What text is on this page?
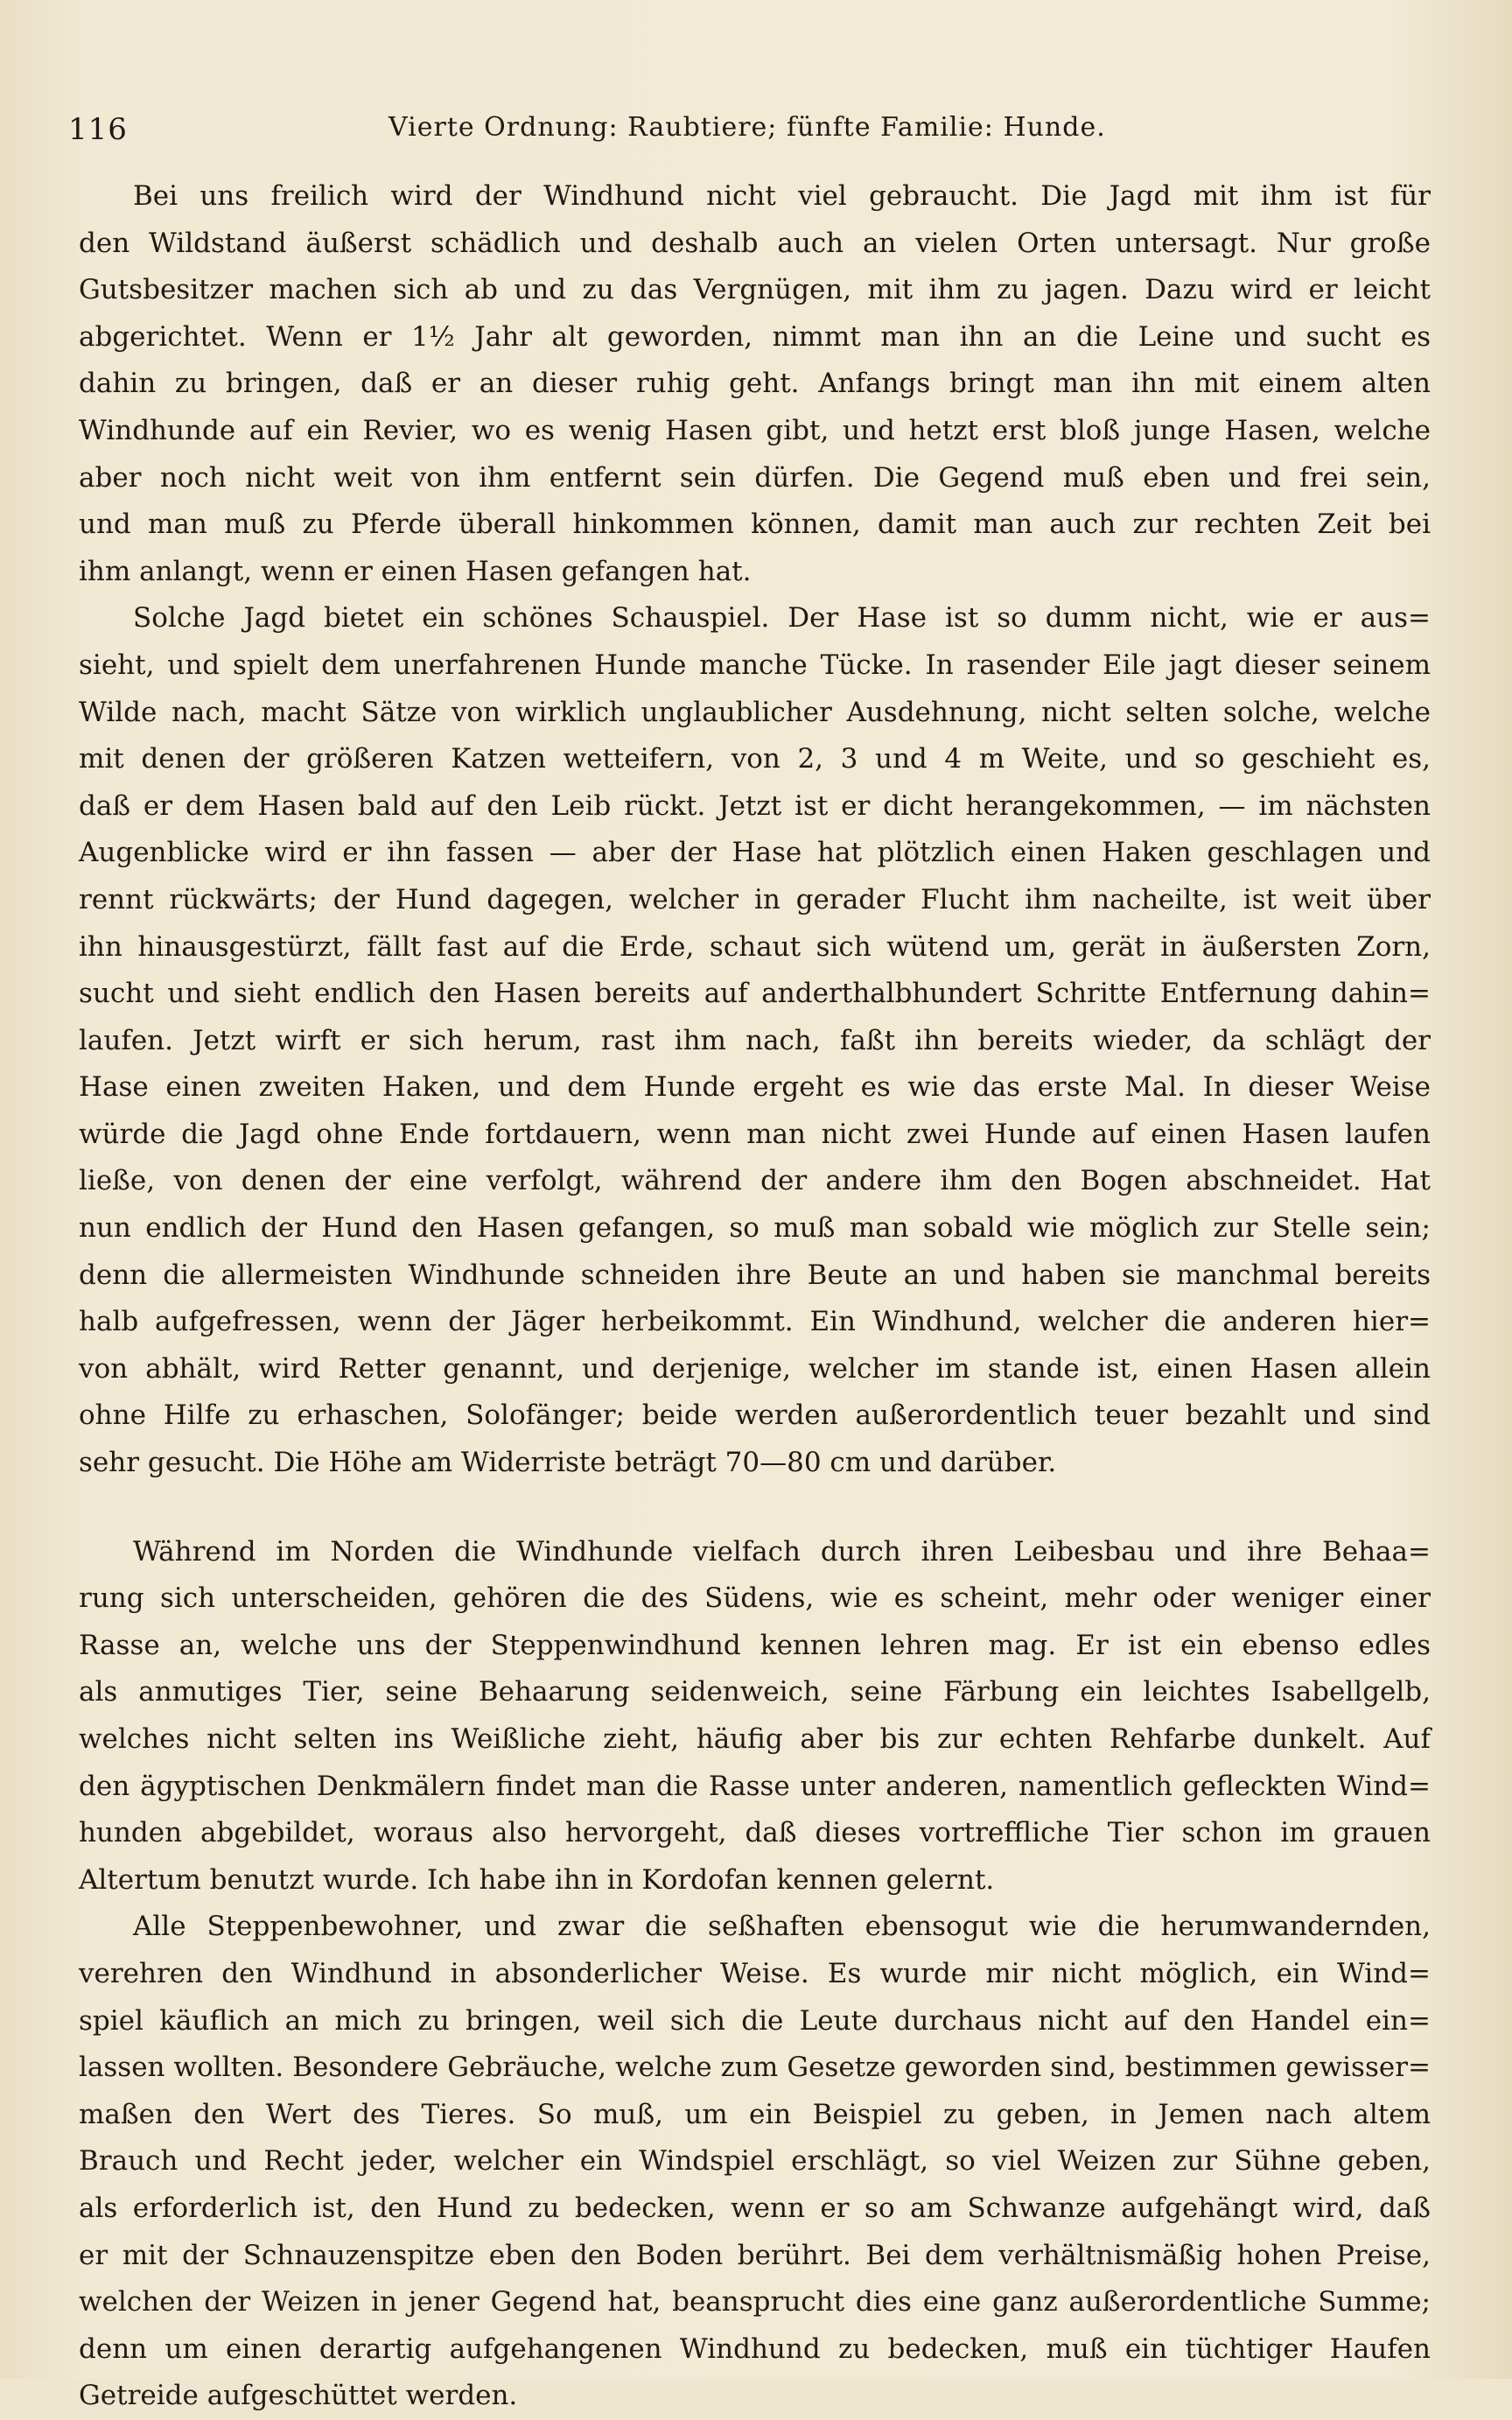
116	Vierte Ordnung: Raubtiere; fünfte Familie: Hunde.

Bei uns freilich wird der Windhund nicht viel gebraucht. Die Jagd mit ihm ist für
den Wildstand äußerst schädlich und deshalb auch an vielen Orten untersagt. Nur große
Gutsbesitzer machen sich ab und zu das Vergnügen, mit ihm zu jagen. Dazu wird er leicht
abgerichtet. Wenn er 1½ Jahr alt geworden, nimmt man ihn an die Leine und sucht es
dahin zu bringen, daß er an dieser ruhig geht. Anfangs bringt man ihn mit einem alten
Windhunde auf ein Revier, wo es wenig Hasen gibt, und hetzt erst bloß junge Hasen, welche
aber noch nicht weit von ihm entfernt sein dürfen. Die Gegend muß eben und frei sein,
und man muß zu Pferde überall hinkommen können, damit man auch zur rechten Zeit bei
ihm anlangt, wenn er einen Hasen gefangen hat.

Solche Jagd bietet ein schönes Schauspiel. Der Hase ist so dumm nicht, wie er aus=
sieht, und spielt dem unerfahrenen Hunde manche Tücke. In rasender Eile jagt dieser seinem
Wilde nach, macht Sätze von wirklich unglaublicher Ausdehnung, nicht selten solche, welche
mit denen der größeren Katzen wetteifern, von 2, 3 und 4 m Weite, und so geschieht es,
daß er dem Hasen bald auf den Leib rückt. Jetzt ist er dicht herangekommen, — im nächsten
Augenblicke wird er ihn fassen — aber der Hase hat plötzlich einen Haken geschlagen und
rennt rückwärts; der Hund dagegen, welcher in gerader Flucht ihm nacheilte, ist weit über
ihn hinausgestürzt, fällt fast auf die Erde, schaut sich wütend um, gerät in äußersten Zorn,
sucht und sieht endlich den Hasen bereits auf anderthalbhundert Schritte Entfernung dahin=
laufen. Jetzt wirft er sich herum, rast ihm nach, faßt ihn bereits wieder, da schlägt der
Hase einen zweiten Haken, und dem Hunde ergeht es wie das erste Mal. In dieser Weise
würde die Jagd ohne Ende fortdauern, wenn man nicht zwei Hunde auf einen Hasen laufen
ließe, von denen der eine verfolgt, während der andere ihm den Bogen abschneidet. Hat
nun endlich der Hund den Hasen gefangen, so muß man sobald wie möglich zur Stelle sein;
denn die allermeisten Windhunde schneiden ihre Beute an und haben sie manchmal bereits
halb aufgefressen, wenn der Jäger herbeikommt. Ein Windhund, welcher die anderen hier=
von abhält, wird Retter genannt, und derjenige, welcher im stande ist, einen Hasen allein
ohne Hilfe zu erhaschen, Solofänger; beide werden außerordentlich teuer bezahlt und sind
sehr gesucht. Die Höhe am Widerriste beträgt 70—80 cm und darüber.

Während im Norden die Windhunde vielfach durch ihren Leibesbau und ihre Behaa=
rung sich unterscheiden, gehören die des Südens, wie es scheint, mehr oder weniger einer
Rasse an, welche uns der Steppenwindhund kennen lehren mag. Er ist ein ebenso edles
als anmutiges Tier, seine Behaarung seidenweich, seine Färbung ein leichtes Isabellgelb,
welches nicht selten ins Weißliche zieht, häufig aber bis zur echten Rehfarbe dunkelt. Auf
den ägyptischen Denkmälern findet man die Rasse unter anderen, namentlich gefleckten Wind=
hunden abgebildet, woraus also hervorgeht, daß dieses vortreffliche Tier schon im grauen
Altertum benutzt wurde. Ich habe ihn in Kordofan kennen gelernt.

Alle Steppenbewohner, und zwar die seßhaften ebensogut wie die herumwandernden,
verehren den Windhund in absonderlicher Weise. Es wurde mir nicht möglich, ein Wind=
spiel käuflich an mich zu bringen, weil sich die Leute durchaus nicht auf den Handel ein=
lassen wollten. Besondere Gebräuche, welche zum Gesetze geworden sind, bestimmen gewisser=
maßen den Wert des Tieres. So muß, um ein Beispiel zu geben, in Jemen nach altem
Brauch und Recht jeder, welcher ein Windspiel erschlägt, so viel Weizen zur Sühne geben,
als erforderlich ist, den Hund zu bedecken, wenn er so am Schwanze aufgehängt wird, daß
er mit der Schnauzenspitze eben den Boden berührt. Bei dem verhältnismäßig hohen Preise,
welchen der Weizen in jener Gegend hat, beansprucht dies eine ganz außerordentliche Summe;
denn um einen derartig aufgehangenen Windhund zu bedecken, muß ein tüchtiger Haufen
Getreide aufgeschüttet werden.
